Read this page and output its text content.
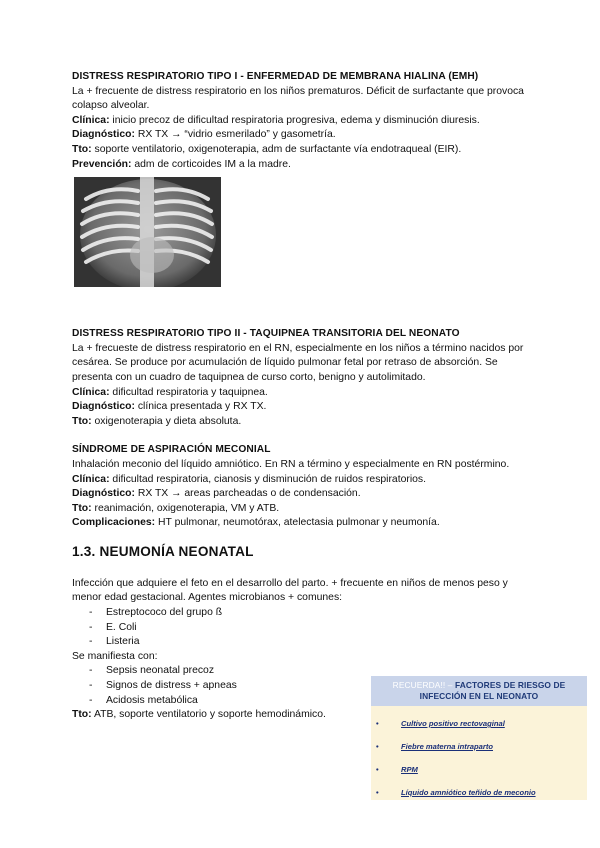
DISTRESS RESPIRATORIO TIPO I - ENFERMEDAD DE MEMBRANA HIALINA (EMH)

La + frecuente de distress respiratorio en los niños prematuros. Déficit de surfactante que provoca colapso alveolar.

Clínica: inicio precoz de dificultad respiratoria progresiva, edema y disminución diuresis.

Diagnóstico: RX TX → “vidrio esmerilado” y gasometría.

Tto: soporte ventilatorio, oxigenoterapia, adm de surfactante vía endotraqueal (EIR).

Prevención: adm de corticoides IM a la madre.

DISTRESS RESPIRATORIO TIPO II - TAQUIPNEA TRANSITORIA DEL NEONATO

La + frecueste de distress respiratorio en el RN, especialmente en los niños a término nacidos por cesárea. Se produce por acumulación de líquido pulmonar fetal por retraso de absorción. Se presenta con un cuadro de taquipnea de curso corto, benigno y autolimitado.

Clínica: dificultad respiratoria y taquipnea.

Diagnóstico: clínica presentada y RX TX.

Tto: oxigenoterapia y dieta absoluta.

SÍNDROME DE ASPIRACIÓN MECONIAL

Inhalación meconio del líquido amniótico. En RN a término y especialmente en RN postérmino.

Clínica: dificultad respiratoria, cianosis y disminución de ruidos respiratorios.

Diagnóstico: RX TX → areas parcheadas o de condensación.

Tto: reanimación, oxigenoterapia, VM y ATB.

Complicaciones: HT pulmonar, neumotórax, atelectasia pulmonar y neumonía.

1.3. NEUMONÍA NEONATAL

Infección que adquiere el feto en el desarrollo del parto. + frecuente en niños de menos peso y menor edad gestacional. Agentes microbianos + comunes:

- Estreptococo del grupo ß
- E. Coli
- Listeria

Se manifiesta con:

- Sepsis neonatal precoz
- Signos de distress + apneas
- Acidosis metabólica

Tto: ATB, soporte ventilatorio y soporte hemodinámico.

RECUERDA!! – FACTORES DE RIESGO DE INFECCIÓN EN EL NEONATO
• Cultivo positivo rectovaginal
• Fiebre materna intraparto
• RPM
• Líquido amniótico teñido de meconio
